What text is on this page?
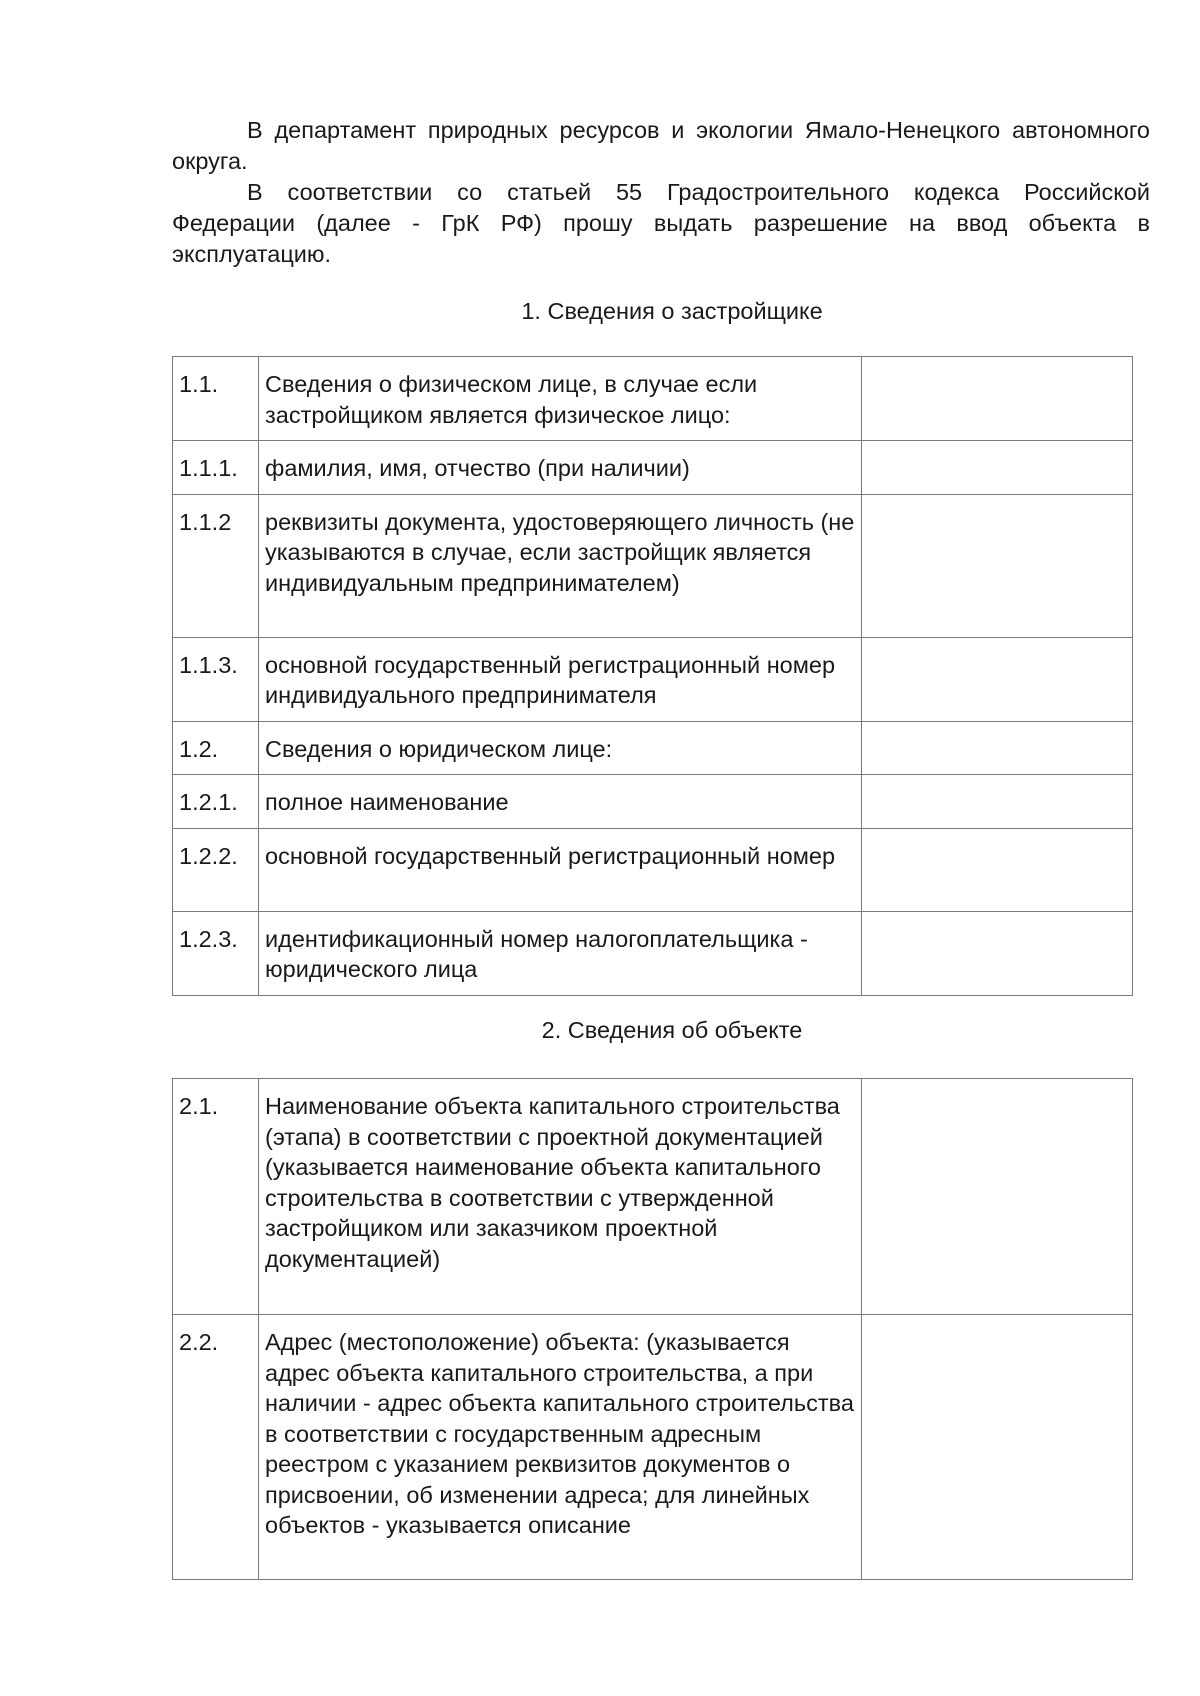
В департамент природных ресурсов и экологии Ямало-Ненецкого автономного округа.

В соответствии со статьей 55 Градостроительного кодекса Российской Федерации (далее - ГрК РФ) прошу выдать разрешение на ввод объекта в эксплуатацию.

1. Сведения о застройщике
1.1.	Сведения о физическом лице, в случае если застройщиком является физическое лицо:	
1.1.1.	фамилия, имя, отчество (при наличии)	
1.1.2	реквизиты документа, удостоверяющего личность (не указываются в случае, если застройщик является индивидуальным предпринимателем)	
1.1.3.	основной государственный регистрационный номер индивидуального предпринимателя	
1.2.	Сведения о юридическом лице:	
1.2.1.	полное наименование	
1.2.2.	основной государственный регистрационный номер	
1.2.3.	идентификационный номер налогоплательщика - юридического лица	
2. Сведения об объекте
2.1.	Наименование объекта капитального строительства (этапа) в соответствии с проектной документацией (указывается наименование объекта капитального строительства в соответствии с утвержденной застройщиком или заказчиком проектной документацией)	
2.2.	Адрес (местоположение) объекта: (указывается адрес объекта капитального строительства, а при наличии - адрес объекта капитального строительства в соответствии с государственным адресным реестром с указанием реквизитов документов о присвоении, об изменении адреса; для линейных объектов - указывается описание	
